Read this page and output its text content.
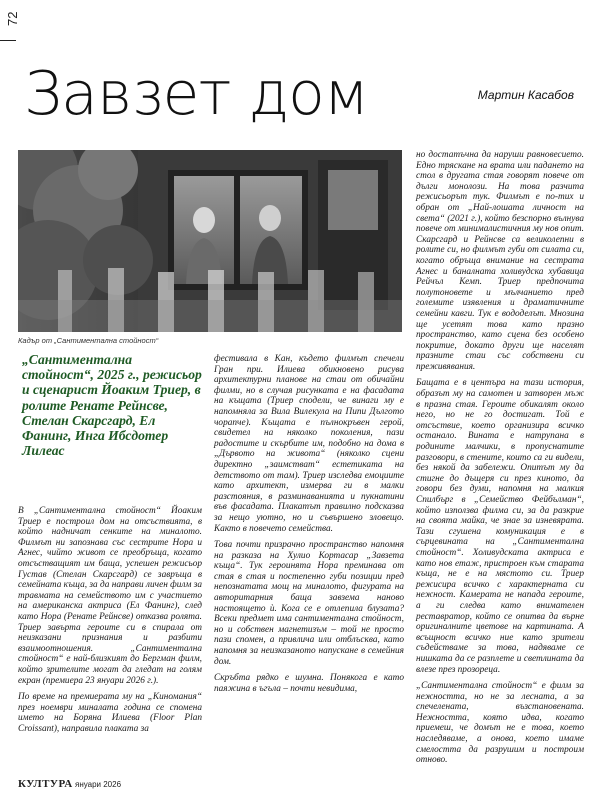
72
Завзет дом	Мартин Касабов
Кадър от „Сантиментална стойност“
„Сантиментална стойност“, 2025 г., режисьор и сценарист Йоаким Триер, в ролите Ренате Рейнсве, Стелан Скарсгард, Ел Фанинг, Инга Ибсдотер Лилеас

В „Сантиментална стойност“ Йоаким Триер е построил дом на отсъствията, в който надничат сенките на миналото. Филмът ни запознава със сестрите Нора и Агнес, чийто живот се преобръща, когато отсъстващият им баща, успешен режисьор Густав (Стелан Скарсгард) се завръща в семейната къща, за да направи личен филм за травмата на семейството им с участието на американска актриса (Ел Фанинг), след като Нора (Ренате Рейнсве) отказва ролята. Триер завърта героите си в спирала от неизказани признания и разбити взаимоотношения. „Сантиментална стойност“ е най-близкият до Бергман филм, който зрителите могат да гледат на голям екран (премиера 23 януари 2026 г.).

По време на премиерата му на „Киномания“ през ноември миналата година се спомена името на Боряна Илиева (Floor Plan Croissant), направила плаката за

фестивала в Кан, където филмът спечели Гран при. Илиева обикновено рисува архитектурни планове на стаи от обичайни филми, но в случая рисунката е на фасадата на къщата (Триер сподели, че винаги му е напомняла за Вила Вилекула на Пипи Дългото чорапче). Къщата е пълнокръвен герой, свидетел на няколко поколения, пази радостите и скърбите им, подобно на дома в „Дървото на живота“ (няколко сцени директно „заимстват“ естетиката на детството от там). Триер изследва емоциите като архитект, измерва ги в малки разстояния, в разминаванията и пукнатини във фасадата. Плакатът правилно подсказва за нещо уютно, но и съвършено зловещо. Както в повечето семейства.

Това почти призрачно пространство напомня на разказа на Хулио Кортасар „Завзета къща“. Тук героинята Нора преминава от стая в стая и постепенно губи позиции пред непознатата мощ на миналото, фигурата на авторитарния баща завзема наново настоящето ѝ. Кога се е отлепила блузата? Всеки предмет има сантиментална стойност, но и собствен магнетизъм – той не просто пази спомен, а привлича или отблъсква, като напомня за неизказаното напускане в семейния дом.

Скръбта рядко е шумна. Понякога е като паяжина в ъгъла – почти невидима,

но достатъчна да наруши равновесието. Едно тряскане на врата или падането на стол в другата стая говорят повече от дълги монолози. На това разчита режисьорът тук. Филмът е по-тих и обран от „Най-лошата личност на света“ (2021 г.), който безспорно вълнува повече от минималистичния му нов опит. Скарсгард и Рейнсве са великолепни в ролите си, но филмът губи от силата си, когато обръща внимание на сестрата Агнес и баналната холивудска хубавица Рейчъл Кемп. Триер предпочита полутоновете и мълчанието пред големите изявления и драматичните семейни кавги. Тук е вододелът. Мнозина ще усетят това като празно пространство, като сцена без особено покритие, докато други ще населят празните стаи със собствени си преживявания.

Бащата е в центъра на тази история, образът му на самотен и затворен мъж в празна стая. Героите обикалят около него, но не го достигат. Той е отсъствие, което организира всичко останало. Вината е натрупана в родините малчики, в пропуснатите разговори, в стените, които са ги видели, без някой да забележи. Опитът му да стигне до дъщеря си през киното, да говори без думи, напомня на малкия Спилбърг в „Семейство Фейбълман“, който използва филма си, за да разкрие на своята майка, че знае за изневярата. Тази сгушена комуникация е в сърцевината на „Сантиментална стойност“. Холивудската актриса е като нов етаж, пристроен към старата къща, не е на мястото си. Триер режисира всичко с характерната си нежност. Камерата не напада героите, а ги следва като внимателен реставратор, който се опитва да върне оригиналните цветове на картината. А всъщност всичко ние като зрители съдействаме за това, надяваме се нишката да се разплете и светлината да влезе през прозореца.

„Сантиментална стойност“ е филм за нежността, но не за лесната, а за спечелената, възстановената. Нежността, която идва, когато приемеш, че домът не е това, което наследяваме, а онова, което имаме смелостта да разрушим и построим отново.

КУЛТУРА януари 2026
